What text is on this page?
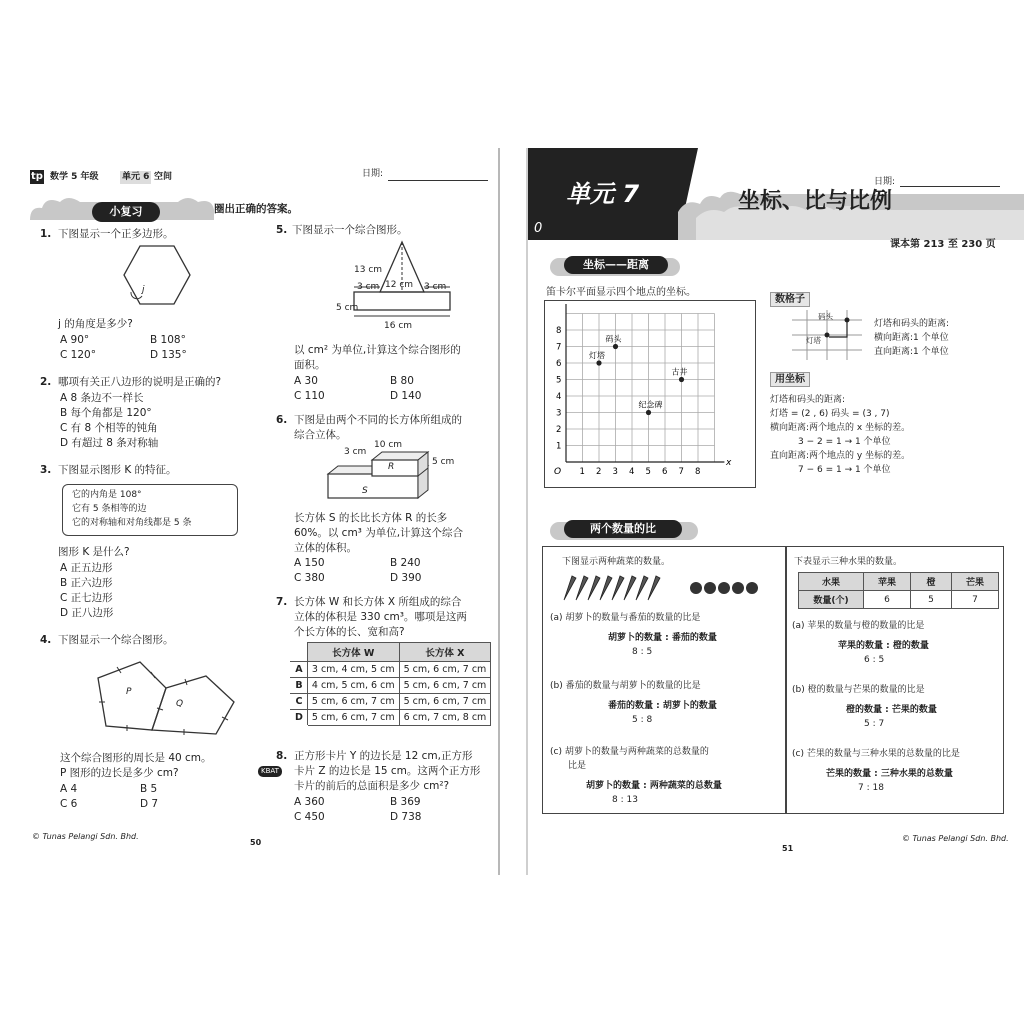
tp 数学 5 年级	单元 6 空间	日期:
小复习	圈出正确的答案。
1. 下图显示一个正多边形。
j
j 的角度是多少?
A 90°	B 108°
C 120°	D 135°
2. 哪项有关正八边形的说明是正确的?
A 8 条边不一样长
B 每个角都是 120°
C 有 8 个相等的钝角
D 有超过 8 条对称轴
3. 下图显示图形 K 的特征。
它的内角是 108°
它有 5 条相等的边
它的对称轴和对角线都是 5 条
图形 K 是什么?
A 正五边形
B 正六边形
C 正七边形
D 正八边形
4. 下图显示一个综合图形。
P
Q
这个综合图形的周长是 40 cm。
P 图形的边长是多少 cm?
A 4	B 5
C 6	D 7
5. 下图显示一个综合图形。
13 cm
12 cm
3 cm	3 cm
5 cm
16 cm
以 cm² 为单位,计算这个综合图形的
面积。
A 30	B 80
C 110	D 140
6. 下图是由两个不同的长方体所组成的
综合立体。
10 cm
3 cm
5 cm
R
S
长方体 S 的长比长方体 R 的长多
60%。以 cm³ 为单位,计算这个综合
立体的体积。
A 150	B 240
C 380	D 390
7. 长方体 W 和长方体 X 所组成的综合
立体的体积是 330 cm³。哪项是这两
个长方体的长、宽和高?
	长方体 W	长方体 X
A	3 cm, 4 cm, 5 cm	5 cm, 6 cm, 7 cm
B	4 cm, 5 cm, 6 cm	5 cm, 6 cm, 7 cm
C	5 cm, 6 cm, 7 cm	5 cm, 6 cm, 7 cm
D	5 cm, 6 cm, 7 cm	6 cm, 7 cm, 8 cm
8.
KBAT
正方形卡片 Y 的边长是 12 cm,正方形
卡片 Z 的边长是 15 cm。这两个正方形
卡片的前后的总面积是多少 cm²?
A 360	B 369
C 450	D 738
© Tunas Pelangi Sdn. Bhd.
50
单元 7
0
日期:
坐标、比与比例
课本第 213 至 230 页
坐标——距离
笛卡尔平面显示四个地点的坐标。
x
O 1 2 3 4 5 6 7 8
1
2
3
4
5
6
7
8
灯塔
码头
纪念碑
古井
数格子
码头
灯塔
灯塔和码头的距离:
横向距离:1 个单位
直向距离:1 个单位
用坐标
灯塔和码头的距离:
灯塔 = (2 , 6) 码头 = (3 , 7)
横向距离:两个地点的 x 坐标的差。
3 − 2 = 1 → 1 个单位
直向距离:两个地点的 y 坐标的差。
7 − 6 = 1 → 1 个单位
两个数量的比
下图显示两种蔬菜的数量。
(a) 胡萝卜的数量与番茄的数量的比是
胡萝卜的数量 : 番茄的数量
8 : 5
(b) 番茄的数量与胡萝卜的数量的比是
番茄的数量 : 胡萝卜的数量
5 : 8
(c) 胡萝卜的数量与两种蔬菜的总数量的
比是
胡萝卜的数量 : 两种蔬菜的总数量
8 : 13
下表显示三种水果的数量。
水果	苹果	橙	芒果
数量(个)	6	5	7
(a) 苹果的数量与橙的数量的比是
苹果的数量 : 橙的数量
6 : 5
(b) 橙的数量与芒果的数量的比是
橙的数量 : 芒果的数量
5 : 7
(c) 芒果的数量与三种水果的总数量的比是
芒果的数量 : 三种水果的总数量
7 : 18
51
© Tunas Pelangi Sdn. Bhd.
